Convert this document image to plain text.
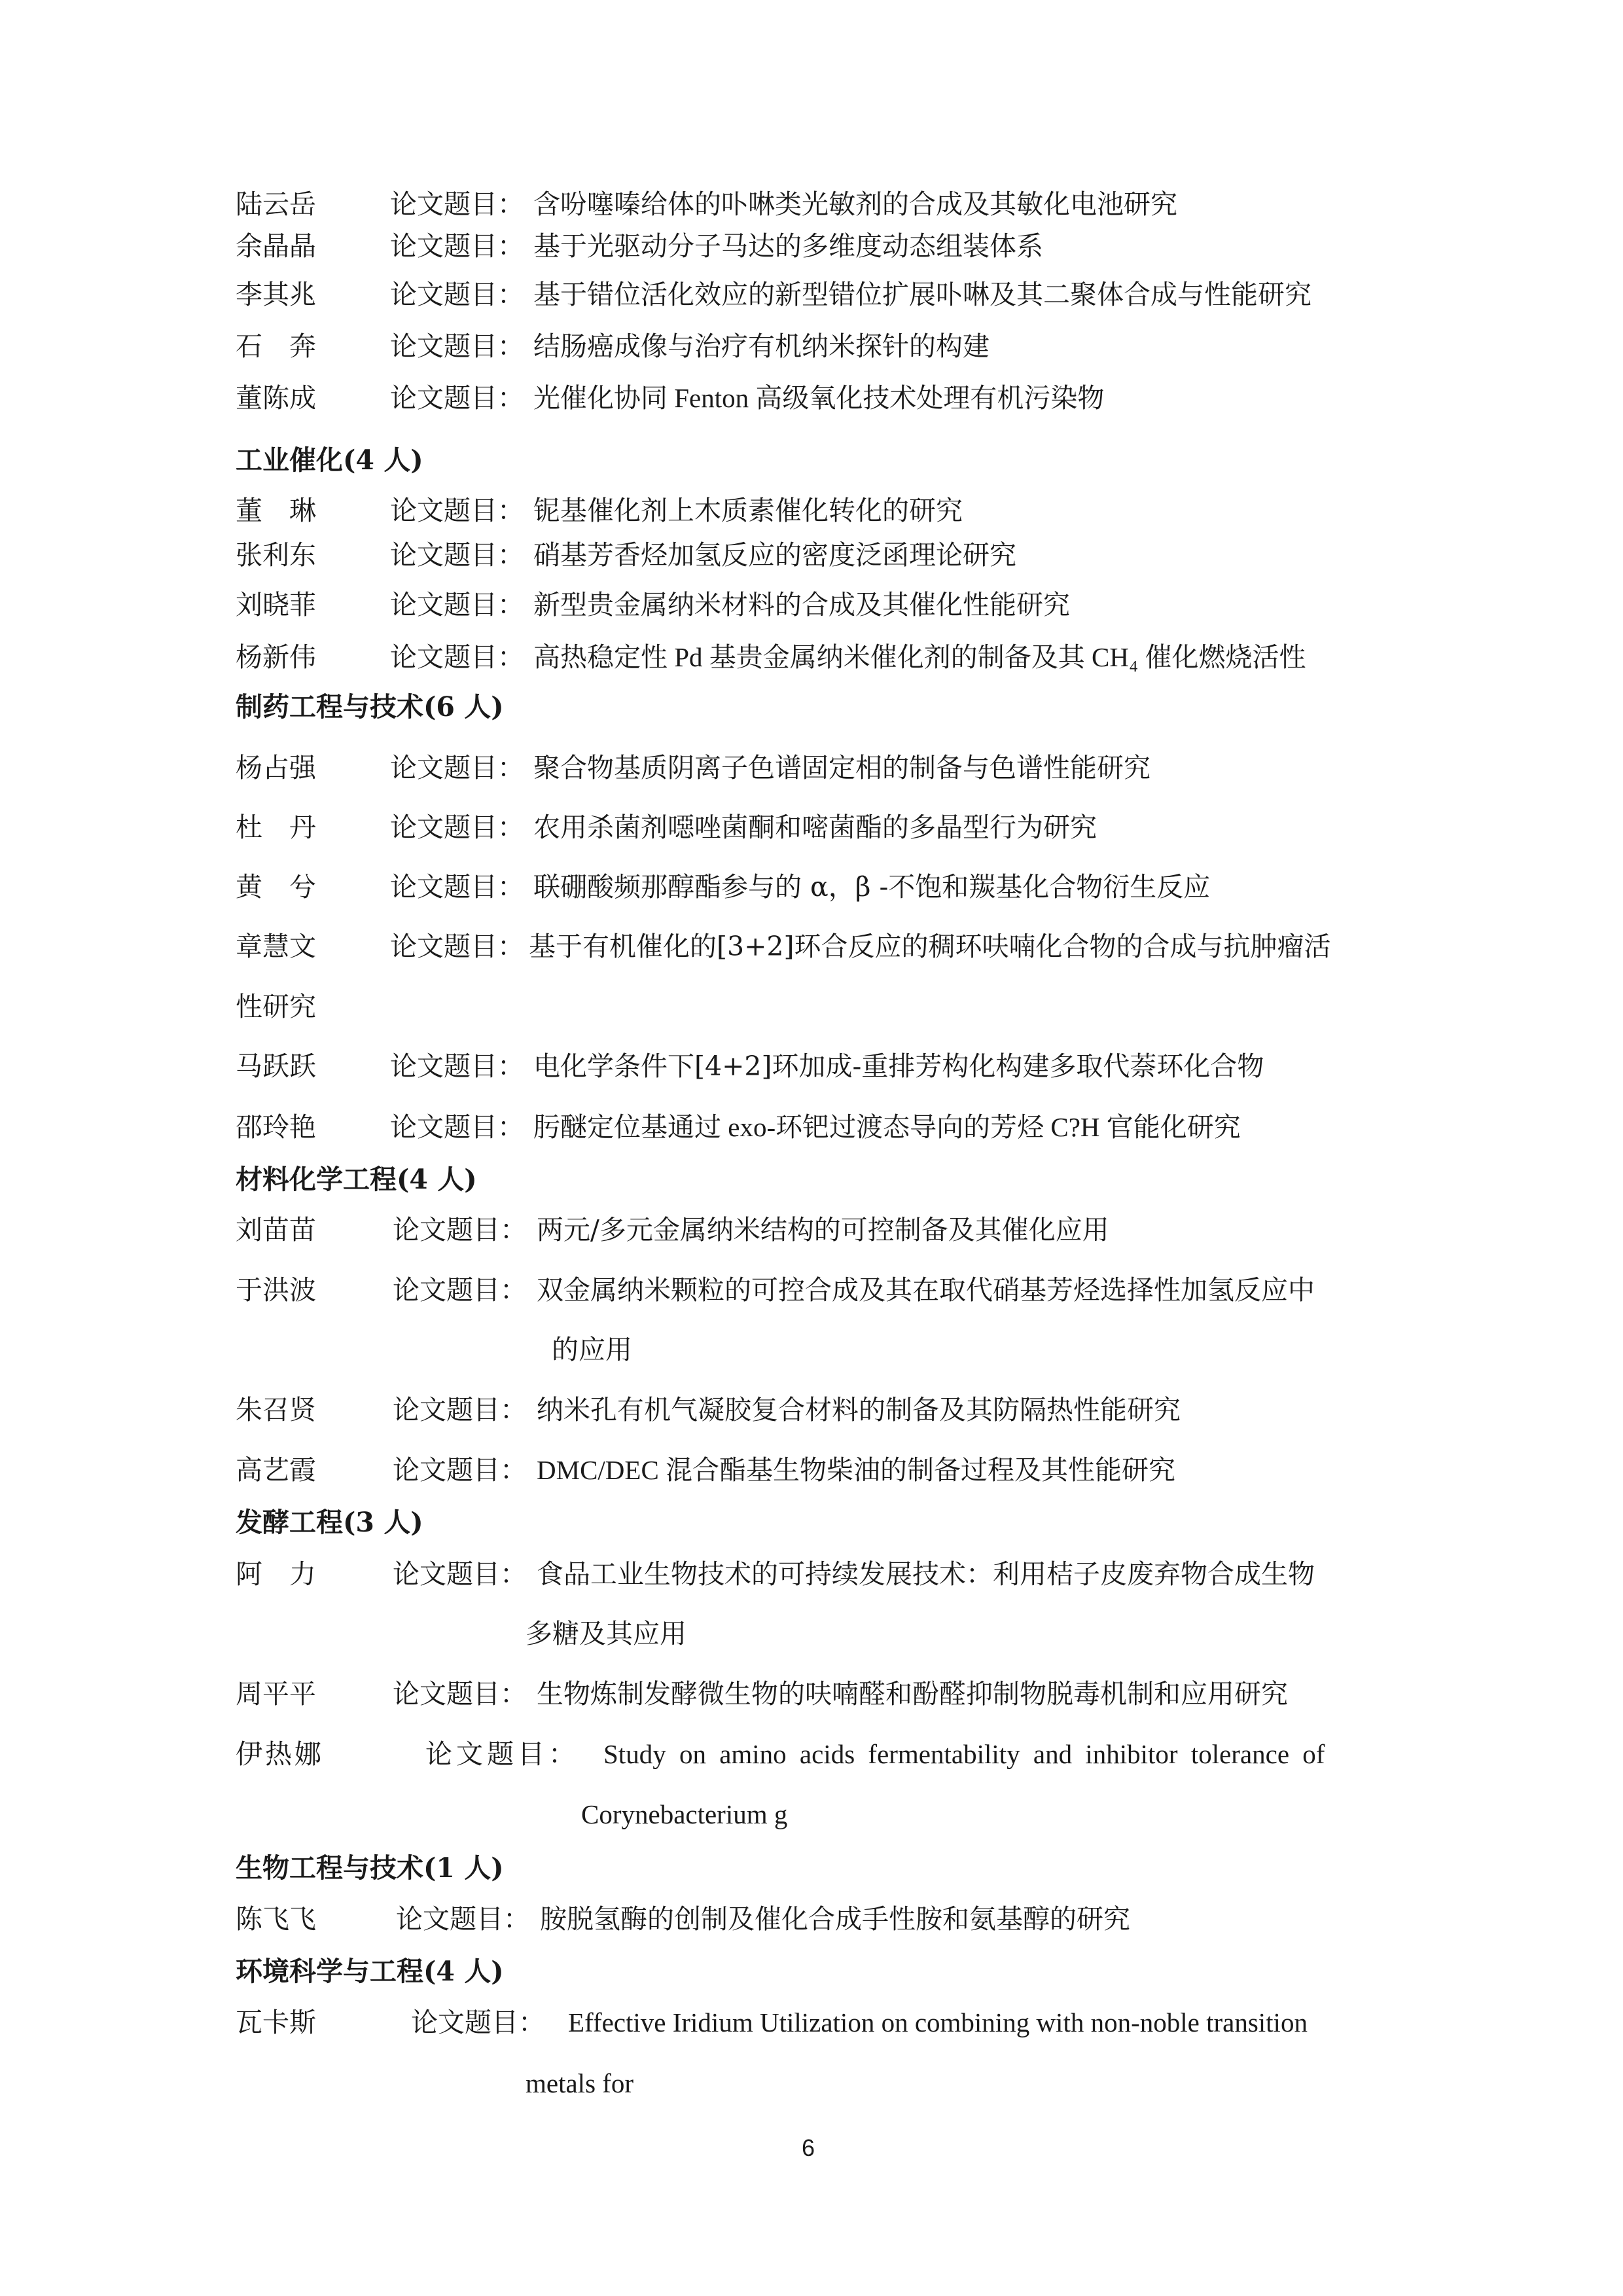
陆云岳	论文题目： 含吩噻嗪给体的卟啉类光敏剂的合成及其敏化电池研究
余晶晶	论文题目： 基于光驱动分子马达的多维度动态组装体系
李其兆	论文题目： 基于错位活化效应的新型错位扩展卟啉及其二聚体合成与性能研究
石　奔	论文题目： 结肠癌成像与治疗有机纳米探针的构建
董陈成	论文题目： 光催化协同 Fenton 高级氧化技术处理有机污染物
工业催化(4 人)
董　琳	论文题目： 铌基催化剂上木质素催化转化的研究
张利东	论文题目： 硝基芳香烃加氢反应的密度泛函理论研究
刘晓菲	论文题目： 新型贵金属纳米材料的合成及其催化性能研究
杨新伟	论文题目： 高热稳定性 Pd 基贵金属纳米催化剂的制备及其 CH₄ 催化燃烧活性
制药工程与技术(6 人)
杨占强	论文题目： 聚合物基质阴离子色谱固定相的制备与色谱性能研究
杜　丹	论文题目： 农用杀菌剂噁唑菌酮和嘧菌酯的多晶型行为研究
黄　兮	论文题目： 联硼酸频那醇酯参与的 α，β -不饱和羰基化合物衍生反应
章慧文	论文题目： 基于有机催化的[3+2]环合反应的稠环呋喃化合物的合成与抗肿瘤活
性研究
马跃跃	论文题目： 电化学条件下[4+2]环加成-重排芳构化构建多取代萘环化合物
邵玲艳	论文题目： 肟醚定位基通过 exo-环钯过渡态导向的芳烃 C?H 官能化研究
材料化学工程(4 人)
刘苗苗	论文题目： 两元/多元金属纳米结构的可控制备及其催化应用
于洪波	论文题目： 双金属纳米颗粒的可控合成及其在取代硝基芳烃选择性加氢反应中
的应用
朱召贤	论文题目： 纳米孔有机气凝胶复合材料的制备及其防隔热性能研究
高艺霞	论文题目： DMC/DEC 混合酯基生物柴油的制备过程及其性能研究
发酵工程(3 人)
阿　力	论文题目： 食品工业生物技术的可持续发展技术：利用桔子皮废弃物合成生物
多糖及其应用
周平平	论文题目： 生物炼制发酵微生物的呋喃醛和酚醛抑制物脱毒机制和应用研究
伊热娜	论文题目： Study on amino acids fermentability and inhibitor tolerance of
Corynebacterium g
生物工程与技术(1 人)
陈飞飞	论文题目： 胺脱氢酶的创制及催化合成手性胺和氨基醇的研究
环境科学与工程(4 人)
瓦卡斯	论文题目： Effective Iridium Utilization on combining with non-noble transition
metals for
6
